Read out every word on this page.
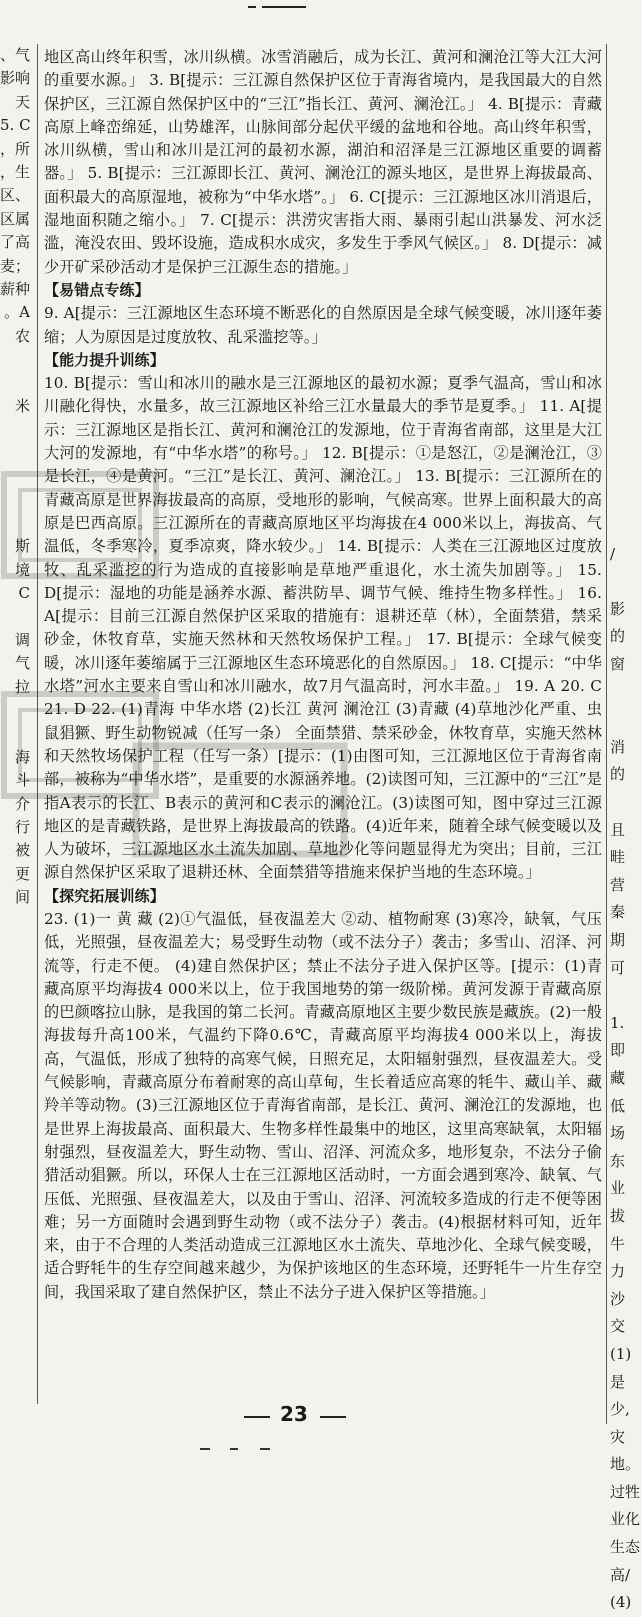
、气
影响
天
5. C
，所
，生
区、
区属
了高
麦；
薪种
。A
农
米
斯
境
C
调
气
拉
海
斗
介
行
被
更
间

地区高山终年积雪，冰川纵横。冰雪消融后，成为长江、黄河和澜沧江等大江大河的重要水源。」 3. B[提示：三江源自然保护区位于青海省境内，是我国最大的自然保护区，三江源自然保护区中的“三江”指长江、黄河、澜沧江。」 4. B[提示：青藏高原上峰峦绵延，山势雄浑，山脉间部分起伏平缓的盆地和谷地。高山终年积雪，冰川纵横，雪山和冰川是江河的最初水源，湖泊和沼泽是三江源地区重要的调蓄器。」 5. B[提示：三江源即长江、黄河、澜沧江的源头地区，是世界上海拔最高、面积最大的高原湿地，被称为“中华水塔”。」 6. C[提示：三江源地区冰川消退后，湿地面积随之缩小。」 7. C[提示：洪涝灾害指大雨、暴雨引起山洪暴发、河水泛滥，淹没农田、毁坏设施，造成积水成灾，多发生于季风气候区。」 8. D[提示：减少开矿采砂活动才是保护三江源生态的措施。」

【易错点专练】

9. A[提示：三江源地区生态环境不断恶化的自然原因是全球气候变暖，冰川逐年萎缩；人为原因是过度放牧、乱采滥挖等。」

【能力提升训练】

10. B[提示：雪山和冰川的融水是三江源地区的最初水源；夏季气温高，雪山和冰川融化得快，水量多，故三江源地区补给三江水量最大的季节是夏季。」 11. A[提示：三江源地区是指长江、黄河和澜沧江的发源地，位于青海省南部，这里是大江大河的发源地，有“中华水塔”的称号。」 12. B[提示：①是怒江，②是澜沧江，③是长江，④是黄河。“三江”是长江、黄河、澜沧江。」 13. B[提示：三江源所在的青藏高原是世界海拔最高的高原，受地形的影响，气候高寒。世界上面积最大的高原是巴西高原。三江源所在的青藏高原地区平均海拔在4 000米以上，海拔高、气温低，冬季寒冷，夏季凉爽，降水较少。」 14. B[提示：人类在三江源地区过度放牧、乱采滥挖的行为造成的直接影响是草地严重退化，水土流失加剧等。」 15. D[提示：湿地的功能是涵养水源、蓄洪防旱、调节气候、维持生物多样性。」 16. A[提示：目前三江源自然保护区采取的措施有：退耕还草（林），全面禁猎，禁采砂金，休牧育草，实施天然林和天然牧场保护工程。」 17. B[提示：全球气候变暖，冰川逐年萎缩属于三江源地区生态环境恶化的自然原因。」 18. C[提示：“中华水塔”河水主要来自雪山和冰川融水，故7月气温高时，河水丰盈。」 19. A 20. C 21. D 22. (1)青海 中华水塔 (2)长江 黄河 澜沧江 (3)青藏 (4)草地沙化严重、虫鼠猖獗、野生动物锐减（任写一条） 全面禁猎、禁采砂金，休牧育草，实施天然林和天然牧场保护工程（任写一条）[提示：(1)由图可知，三江源地区位于青海省南部，被称为“中华水塔”，是重要的水源涵养地。(2)读图可知，三江源中的“三江”是指A表示的长江、B表示的黄河和C表示的澜沧江。(3)读图可知，图中穿过三江源地区的是青藏铁路，是世界上海拔最高的铁路。(4)近年来，随着全球气候变暖以及人为破坏，三江源地区水土流失加剧、草地沙化等问题显得尤为突出；目前，三江源自然保护区采取了退耕还林、全面禁猎等措施来保护当地的生态环境。」

【探究拓展训练】

23. (1)一 黄 藏 (2)①气温低，昼夜温差大 ②动、植物耐寒 (3)寒冷，缺氧，气压低，光照强，昼夜温差大；易受野生动物（或不法分子）袭击；多雪山、沼泽、河流等，行走不便。 (4)建自然保护区；禁止不法分子进入保护区等。[提示：(1)青藏高原平均海拔4 000米以上，位于我国地势的第一级阶梯。黄河发源于青藏高原的巴颜喀拉山脉，是我国的第二长河。青藏高原地区主要少数民族是藏族。(2)一般海拔每升高100米，气温约下降0.6℃，青藏高原平均海拔4 000米以上，海拔高，气温低，形成了独特的高寒气候，日照充足，太阳辐射强烈，昼夜温差大。受气候影响，青藏高原分布着耐寒的高山草甸，生长着适应高寒的牦牛、藏山羊、藏羚羊等动物。(3)三江源地区位于青海省南部，是长江、黄河、澜沧江的发源地，也是世界上海拔最高、面积最大、生物多样性最集中的地区，这里高寒缺氧，太阳辐射强烈，昼夜温差大，野生动物、雪山、沼泽、河流众多，地形复杂，不法分子偷猎活动猖獗。所以，环保人士在三江源地区活动时，一方面会遇到寒冷、缺氧、气压低、光照强、昼夜温差大，以及由于雪山、沼泽、河流较多造成的行走不便等困难；另一方面随时会遇到野生动物（或不法分子）袭击。(4)根据材料可知，近年来，由于不合理的人类活动造成三江源地区水土流失、草地沙化、全球气候变暖，适合野牦牛的生存空间越来越少，为保护该地区的生态环境，还野牦牛一片生存空间，我国采取了建自然保护区，禁止不法分子进入保护区等措施。」

/
影
的
窗
消
的
且
畦
营
秦
期
可
1.
即
藏
低
场
东
业
拔
牛
力
沙
交
(1)
是
少,
灾
地。
过牲
业化
生态
高/
(4)
23
